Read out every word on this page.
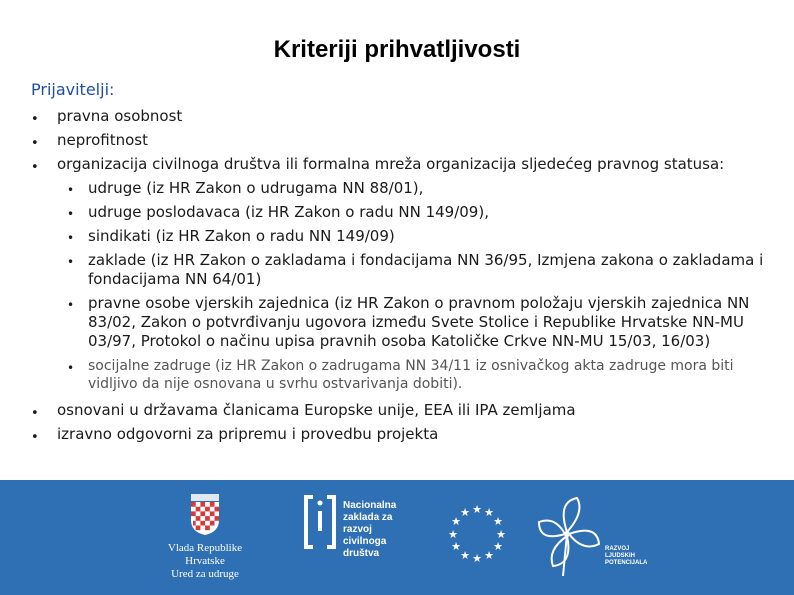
Kriteriji prihvatljivosti
Prijavitelji:
• pravna osobnost
• neprofitnost
• organizacija civilnoga društva ili formalna mreža organizacija sljedećeg pravnog statusa:
• udruge (iz HR Zakon o udrugama NN 88/01),
• udruge poslodavaca (iz HR Zakon o radu NN 149/09),
• sindikati (iz HR Zakon o radu NN 149/09)
• zaklade (iz HR Zakon o zakladama i fondacijama NN 36/95, Izmjena zakona o zakladama i fondacijama NN 64/01)
• pravne osobe vjerskih zajednica (iz HR Zakon o pravnom položaju vjerskih zajednica NN 83/02, Zakon o potvrđivanju ugovora između Svete Stolice i Republike Hrvatske NN-MU 03/97, Protokol o načinu upisa pravnih osoba Katoličke Crkve NN-MU 15/03, 16/03)
• socijalne zadruge (iz HR Zakon o zadrugama NN 34/11 iz osnivačkog akta zadruge mora biti vidljivo da nije osnovana u svrhu ostvarivanja dobiti).
• osnovani u državama članicama Europske unije, EEA ili IPA zemljama
• izravno odgovorni za pripremu i provedbu projekta
Vlada Republike Hrvatske
Ured za udruge
Nacionalna
zaklada za
razvoj
civilnoga
društva
★ ★
★
★
★
★
★
★
★
★
★
★
RAZVOJ
LJUDSKIH
POTENCIJALA
